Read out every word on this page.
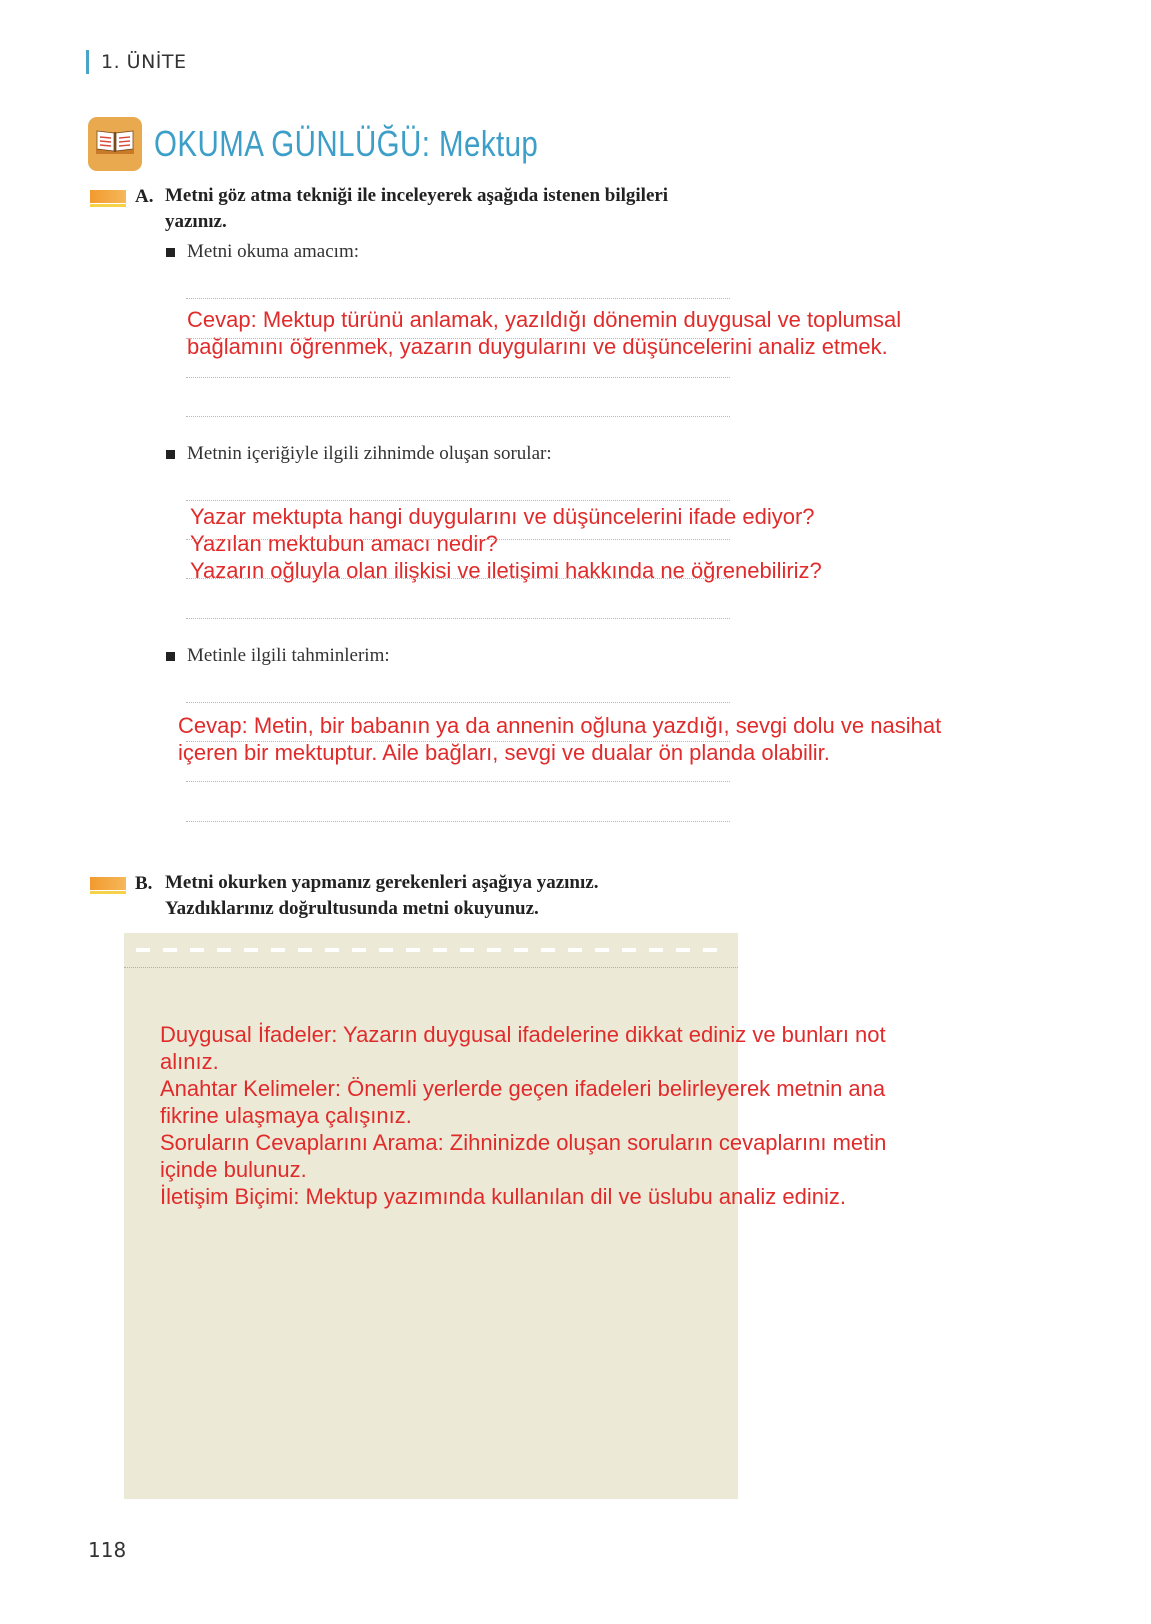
1. ÜNİTE
OKUMA GÜNLÜĞÜ: Mektup
A. Metni göz atma tekniği ile inceleyerek aşağıda istenen bilgileri
yazınız.
Metni okuma amacım:
Cevap: Mektup türünü anlamak, yazıldığı dönemin duygusal ve toplumsal
bağlamını öğrenmek, yazarın duygularını ve düşüncelerini analiz etmek.
Metnin içeriğiyle ilgili zihnimde oluşan sorular:
Yazar mektupta hangi duygularını ve düşüncelerini ifade ediyor?
Yazılan mektubun amacı nedir?
Yazarın oğluyla olan ilişkisi ve iletişimi hakkında ne öğrenebiliriz?
Metinle ilgili tahminlerim:
Cevap: Metin, bir babanın ya da annenin oğluna yazdığı, sevgi dolu ve nasihat
içeren bir mektuptur. Aile bağları, sevgi ve dualar ön planda olabilir.
B. Metni okurken yapmanız gerekenleri aşağıya yazınız.
Yazdıklarınız doğrultusunda metni okuyunuz.
Duygusal İfadeler: Yazarın duygusal ifadelerine dikkat ediniz ve bunları not
alınız.
Anahtar Kelimeler: Önemli yerlerde geçen ifadeleri belirleyerek metnin ana
fikrine ulaşmaya çalışınız.
Soruların Cevaplarını Arama: Zihninizde oluşan soruların cevaplarını metin
içinde bulunuz.
İletişim Biçimi: Mektup yazımında kullanılan dil ve üslubu analiz ediniz.
118
